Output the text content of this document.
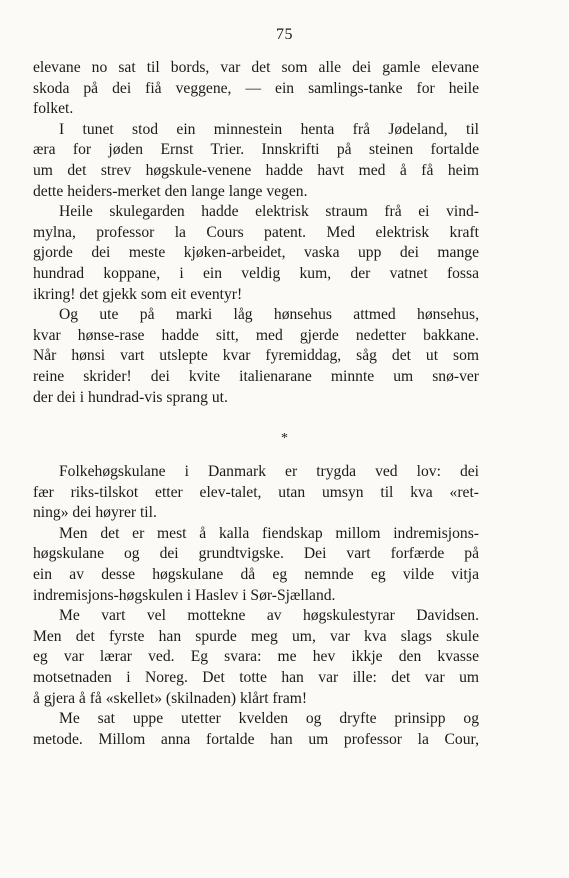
75
elevane no sat til bords, var det som alle dei gamle elevane
skoda på dei fiå veggene, — ein samlings-tanke for heile
folket.
I tunet stod ein minnestein henta frå Jødeland, til
æra for jøden Ernst Trier. Innskrifti på steinen fortalde
um det strev høgskule-venene hadde havt med å få heim
dette heiders-merket den lange lange vegen.
Heile skulegarden hadde elektrisk straum frå ei vind-
mylna, professor la Cours patent. Med elektrisk kraft
gjorde dei meste kjøken-arbeidet, vaska upp dei mange
hundrad koppane, i ein veldig kum, der vatnet fossa
ikring! det gjekk som eit eventyr!
Og ute på marki låg hønsehus attmed hønsehus,
kvar hønse-rase hadde sitt, med gjerde nedetter bakkane.
Når hønsi vart utslepte kvar fyremiddag, såg det ut som
reine skrider! dei kvite italienarane minnte um snø-ver
der dei i hundrad-vis sprang ut.
*
Folkehøgskulane i Danmark er trygda ved lov: dei
fær riks-tilskot etter elev-talet, utan umsyn til kva «ret-
ning» dei høyrer til.
Men det er mest å kalla fiendskap millom indremisjons-
høgskulane og dei grundtvigske. Dei vart forfærde på
ein av desse høgskulane då eg nemnde eg vilde vitja
indremisjons-høgskulen i Haslev i Sør-Sjælland.
Me vart vel mottekne av høgskulestyrar Davidsen.
Men det fyrste han spurde meg um, var kva slags skule
eg var lærar ved. Eg svara: me hev ikkje den kvasse
motsetnaden i Noreg. Det totte han var ille: det var um
å gjera å få «skellet» (skilnaden) klårt fram!
Me sat uppe utetter kvelden og dryfte prinsipp og
metode. Millom anna fortalde han um professor la Cour,
